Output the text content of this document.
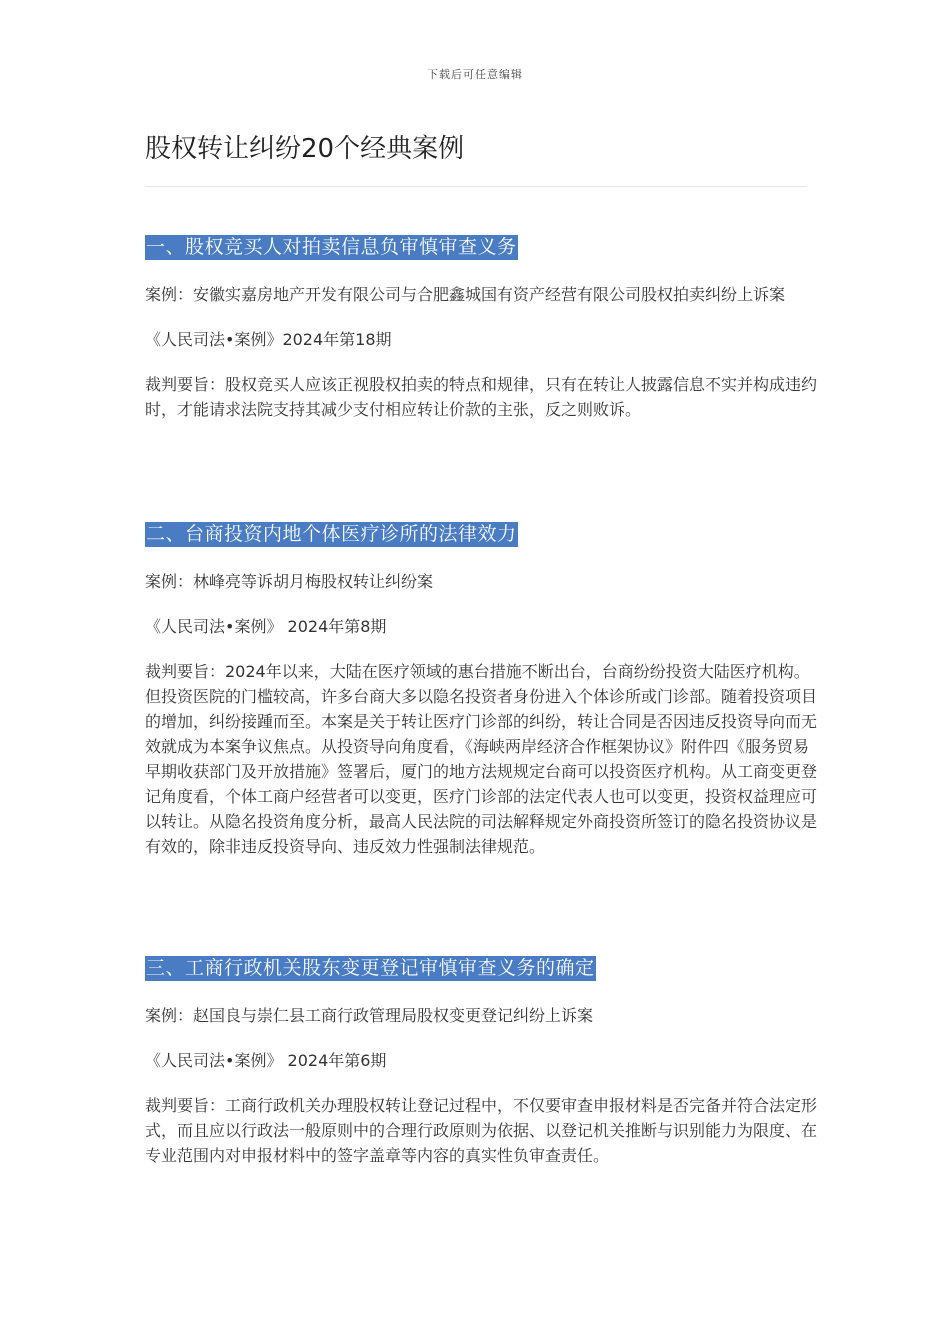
下载后可任意编辑
股权转让纠纷20个经典案例
一、股权竞买人对拍卖信息负审慎审查义务

案例：安徽实嘉房地产开发有限公司与合肥鑫城国有资产经营有限公司股权拍卖纠纷上诉案

《人民司法•案例》2024年第18期

裁判要旨：股权竞买人应该正视股权拍卖的特点和规律，只有在转让人披露信息不实并构成违约时，才能请求法院支持其减少支付相应转让价款的主张，反之则败诉。

二、台商投资内地个体医疗诊所的法律效力

案例：林峰亮等诉胡月梅股权转让纠纷案

《人民司法•案例》 2024年第8期

裁判要旨：2024年以来，大陆在医疗领域的惠台措施不断出台，台商纷纷投资大陆医疗机构。但投资医院的门槛较高，许多台商大多以隐名投资者身份进入个体诊所或门诊部。随着投资项目的增加，纠纷接踵而至。本案是关于转让医疗门诊部的纠纷，转让合同是否因违反投资导向而无效就成为本案争议焦点。从投资导向角度看，《海峡两岸经济合作框架协议》附件四《服务贸易早期收获部门及开放措施》签署后，厦门的地方法规规定台商可以投资医疗机构。从工商变更登记角度看，个体工商户经营者可以变更，医疗门诊部的法定代表人也可以变更，投资权益理应可以转让。从隐名投资角度分析，最高人民法院的司法解释规定外商投资所签订的隐名投资协议是有效的，除非违反投资导向、违反效力性强制法律规范。

三、工商行政机关股东变更登记审慎审查义务的确定

案例：赵国良与崇仁县工商行政管理局股权变更登记纠纷上诉案

《人民司法•案例》 2024年第6期

裁判要旨：工商行政机关办理股权转让登记过程中，不仅要审查申报材料是否完备并符合法定形式，而且应以行政法一般原则中的合理行政原则为依据、以登记机关推断与识别能力为限度、在专业范围内对申报材料中的签字盖章等内容的真实性负审查责任。
